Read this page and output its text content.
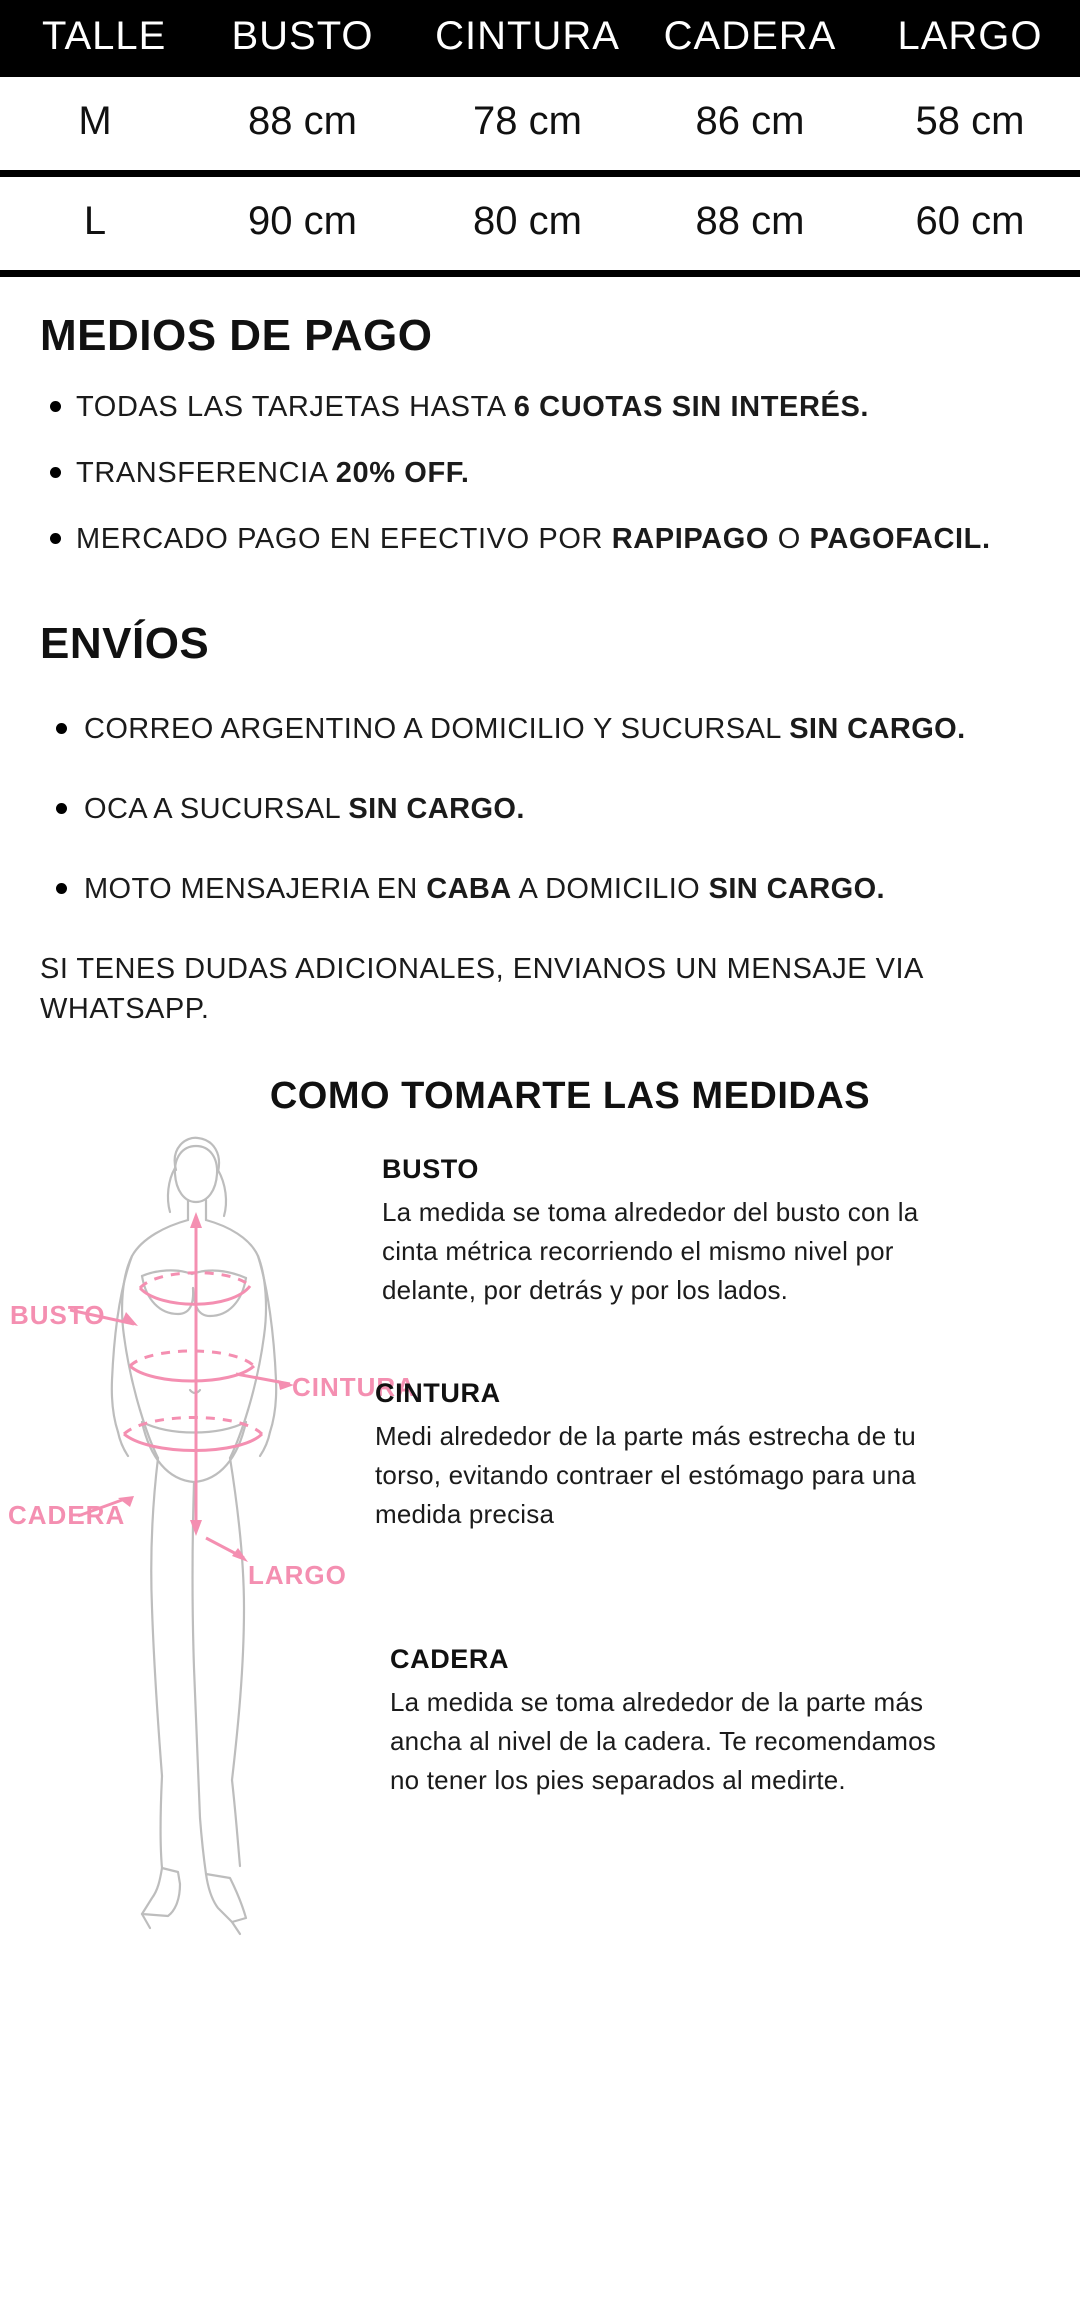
TALLE	BUSTO	CINTURA	CADERA	LARGO
M	88 cm	78 cm	86 cm	58 cm
L	90 cm	80 cm	88 cm	60 cm
MEDIOS DE PAGO
TODAS LAS TARJETAS HASTA 6 CUOTAS SIN INTERÉS.
TRANSFERENCIA 20% OFF.
MERCADO PAGO EN EFECTIVO POR RAPIPAGO O PAGOFACIL.
ENVÍOS
CORREO ARGENTINO A DOMICILIO Y SUCURSAL SIN CARGO.
OCA A SUCURSAL SIN CARGO.
MOTO MENSAJERIA EN CABA A DOMICILIO SIN CARGO.
SI TENES DUDAS ADICIONALES, ENVIANOS UN MENSAJE VIA WHATSAPP.
COMO TOMARTE LAS MEDIDAS
BUSTO
CADERA
CINTURA
LARGO
BUSTO
La medida se toma alrededor del busto con la cinta métrica recorriendo el mismo nivel por delante, por detrás y por los lados.
CINTURA
Medi alrededor de la parte más estrecha de tu torso, evitando contraer el estómago para una medida precisa
CADERA
La medida se toma alrededor de la parte más ancha al nivel de la cadera. Te recomendamos no tener los pies separados al medirte.
